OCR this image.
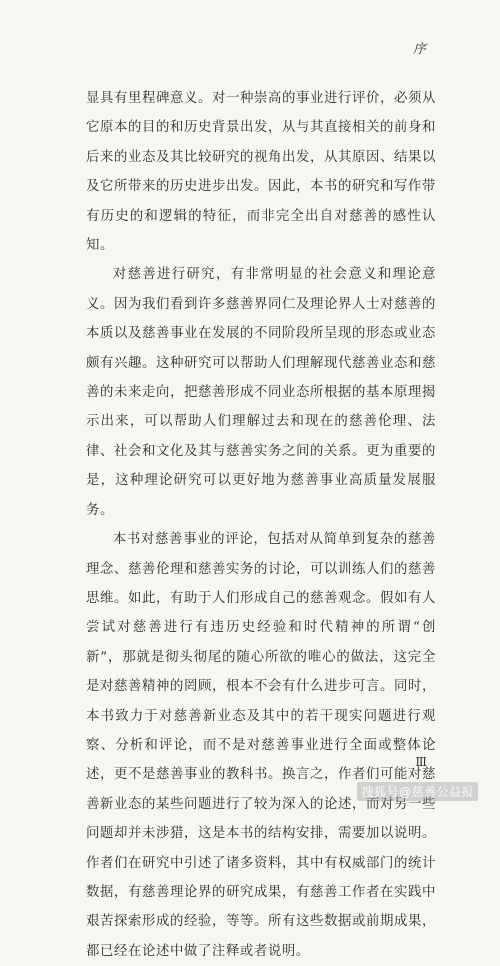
序

显具有里程碑意义。对一种崇高的事业进行评价，必须从它原本的目的和历史背景出发，从与其直接相关的前身和后来的业态及其比较研究的视角出发，从其原因、结果以及它所带来的历史进步出发。因此，本书的研究和写作带有历史的和逻辑的特征，而非完全出自对慈善的感性认知。

对慈善进行研究，有非常明显的社会意义和理论意义。因为我们看到许多慈善界同仁及理论界人士对慈善的本质以及慈善事业在发展的不同阶段所呈现的形态或业态颇有兴趣。这种研究可以帮助人们理解现代慈善业态和慈善的未来走向，把慈善形成不同业态所根据的基本原理揭示出来，可以帮助人们理解过去和现在的慈善伦理、法律、社会和文化及其与慈善实务之间的关系。更为重要的是，这种理论研究可以更好地为慈善事业高质量发展服务。

本书对慈善事业的评论，包括对从简单到复杂的慈善理念、慈善伦理和慈善实务的讨论，可以训练人们的慈善思维。如此，有助于人们形成自己的慈善观念。假如有人尝试对慈善进行有违历史经验和时代精神的所谓“创新”，那就是彻头彻尾的随心所欲的唯心的做法，这完全是对慈善精神的罔顾，根本不会有什么进步可言。同时，本书致力于对慈善新业态及其中的若干现实问题进行观察、分析和评论，而不是对慈善事业进行全面或整体论述，更不是慈善事业的教科书。换言之，作者们可能对慈善新业态的某些问题进行了较为深入的论述，而对另一些问题却并未涉猎，这是本书的结构安排，需要加以说明。作者们在研究中引述了诸多资料，其中有权威部门的统计数据，有慈善理论界的研究成果，有慈善工作者在实践中艰苦探索形成的经验，等等。所有这些数据或前期成果，都已经在论述中做了注释或者说明。

Ⅲ
搜狐号@慈善公益报
